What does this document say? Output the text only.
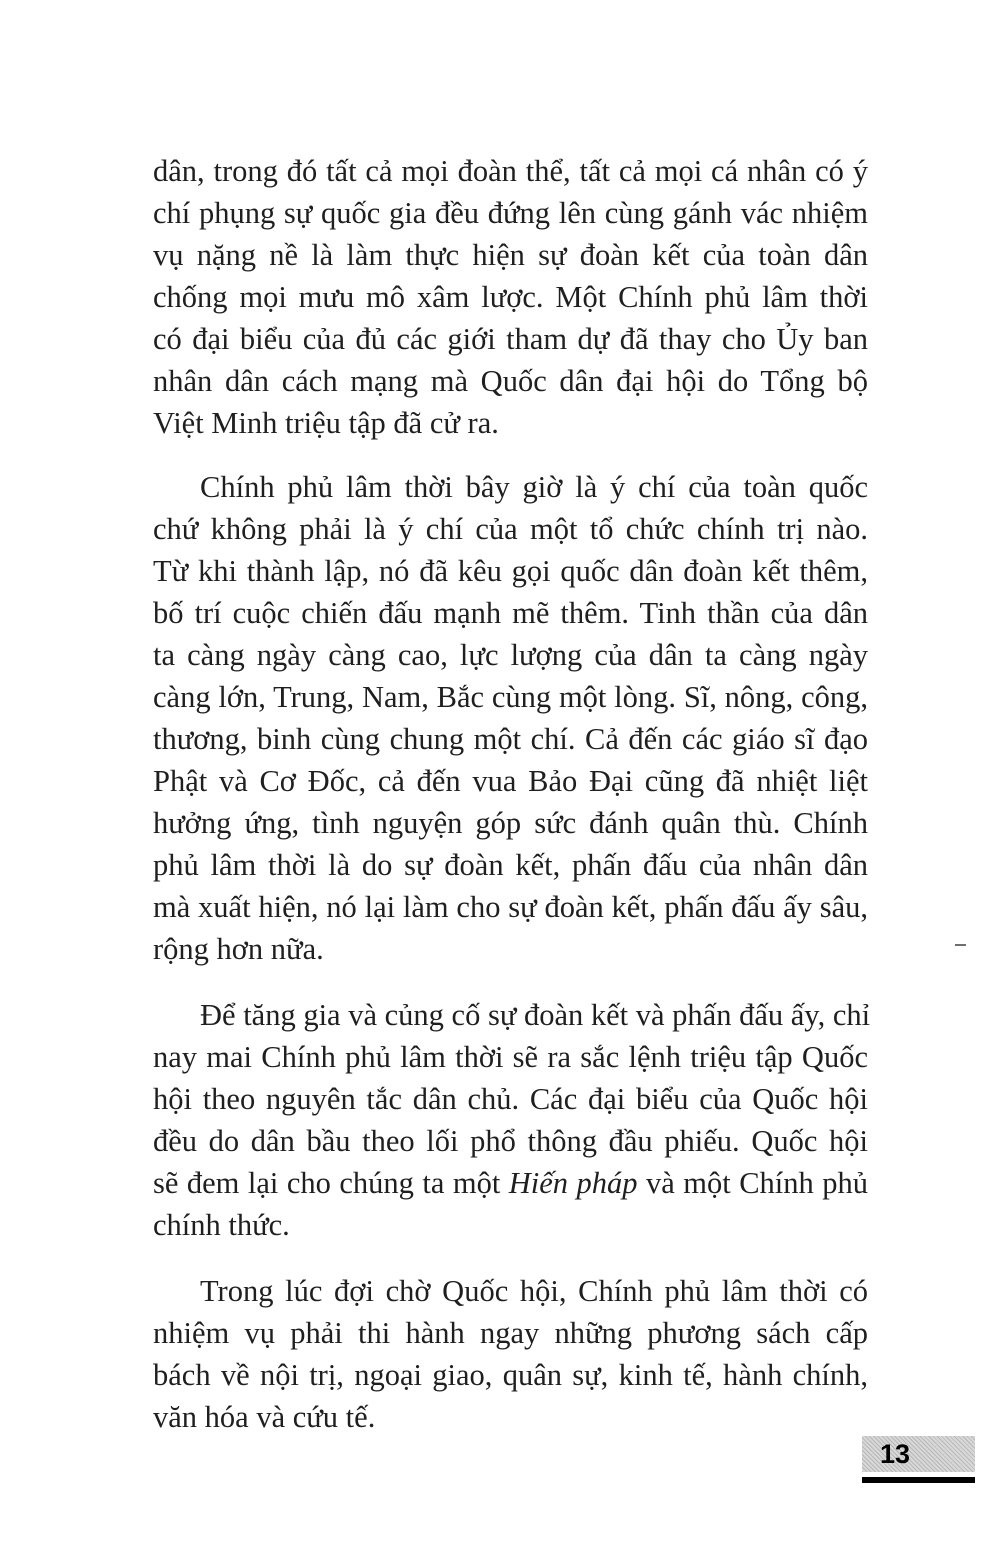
dân, trong đó tất cả mọi đoàn thể, tất cả mọi cá nhân có ý
chí phụng sự quốc gia đều đứng lên cùng gánh vác nhiệm
vụ nặng nề là làm thực hiện sự đoàn kết của toàn dân
chống mọi mưu mô xâm lược. Một Chính phủ lâm thời
có đại biểu của đủ các giới tham dự đã thay cho Ủy ban
nhân dân cách mạng mà Quốc dân đại hội do Tổng bộ
Việt Minh triệu tập đã cử ra.

Chính phủ lâm thời bây giờ là ý chí của toàn quốc
chứ không phải là ý chí của một tổ chức chính trị nào.
Từ khi thành lập, nó đã kêu gọi quốc dân đoàn kết thêm,
bố trí cuộc chiến đấu mạnh mẽ thêm. Tinh thần của dân
ta càng ngày càng cao, lực lượng của dân ta càng ngày
càng lớn, Trung, Nam, Bắc cùng một lòng. Sĩ, nông, công,
thương, binh cùng chung một chí. Cả đến các giáo sĩ đạo
Phật và Cơ Đốc, cả đến vua Bảo Đại cũng đã nhiệt liệt
hưởng ứng, tình nguyện góp sức đánh quân thù. Chính
phủ lâm thời là do sự đoàn kết, phấn đấu của nhân dân
mà xuất hiện, nó lại làm cho sự đoàn kết, phấn đấu ấy sâu,
rộng hơn nữa.

Để tăng gia và củng cố sự đoàn kết và phấn đấu ấy, chỉ
nay mai Chính phủ lâm thời sẽ ra sắc lệnh triệu tập Quốc
hội theo nguyên tắc dân chủ. Các đại biểu của Quốc hội
đều do dân bầu theo lối phổ thông đầu phiếu. Quốc hội
sẽ đem lại cho chúng ta một Hiến pháp và một Chính phủ
chính thức.

Trong lúc đợi chờ Quốc hội, Chính phủ lâm thời có
nhiệm vụ phải thi hành ngay những phương sách cấp
bách về nội trị, ngoại giao, quân sự, kinh tế, hành chính,
văn hóa và cứu tế.

13
